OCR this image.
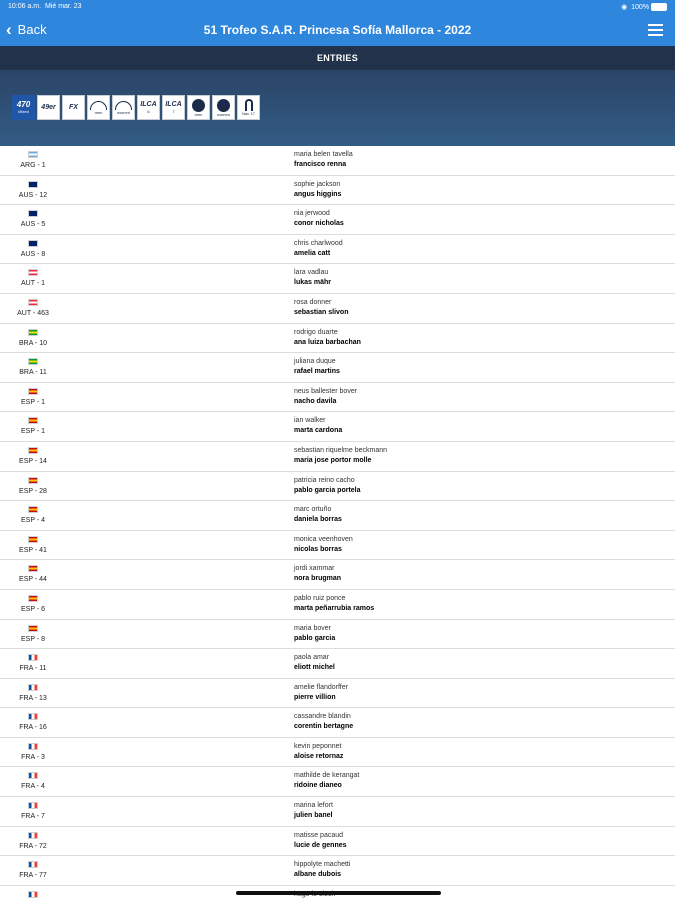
10:06 a.m. Mié mar. 23	◉ 100%
‹ Back	51 Trofeo S.A.R. Princesa Sofía Mallorca - 2022
ENTRIES
470
Mixed
49er FX
men	women
ILCA
6
ILCA
7	men	women	Nac 17
ARG - 1
maria belen tavella
francisco renna
AUS - 12
sophie jackson
angus higgins
AUS - 5
nia jerwood
conor nicholas
AUS - 8
chris charlwood
amelia catt
AUT - 1
lara vadlau
lukas mähr
AUT - 463
rosa donner
sebastian slivon
BRA - 10
rodrigo duarte
ana luiza barbachan
BRA - 11
juliana duque
rafael martins
ESP - 1
neus ballester bover
nacho davila
ESP - 1
ian walker
marta cardona
ESP - 14
sebastian riquelme beckmann
maria jose portor molle
ESP - 28
patricia reino cacho
pablo garcia portela
ESP - 4
marc ortuño
daniela borras
ESP - 41
monica veenhoven
nicolas borras
ESP - 44
jordi xammar
nora brugman
ESP - 6
pablo ruiz ponce
marta peñarrubia ramos
ESP - 8
maria bover
pablo garcia
FRA - 11
paola amar
eliott michel
FRA - 13
amelie flandorffer
pierre villion
FRA - 16
cassandre blandin
corentin bertagne
FRA - 3
kevin peponnet
aloise retornaz
FRA - 4
mathilde de kerangat
ridoine dianeo
FRA - 7
marina lefort
julien banel
FRA - 72
matisse pacaud
lucie de gennes
FRA - 77
hippolyte machetti
albane dubois
